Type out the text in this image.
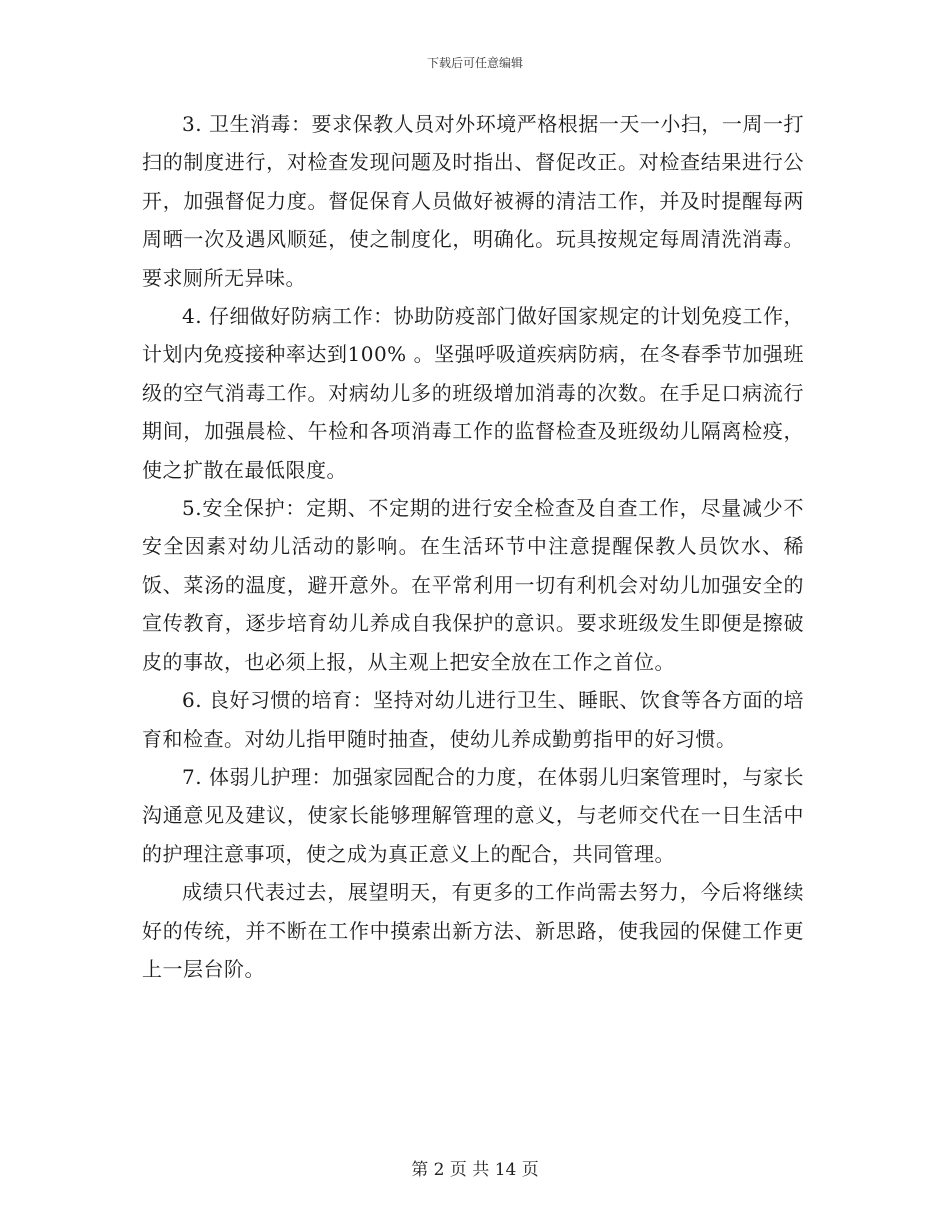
下载后可任意编辑

3. 卫生消毒：要求保教人员对外环境严格根据一天一小扫，一周一打扫的制度进行，对检查发现问题及时指出、督促改正。对检查结果进行公开，加强督促力度。督促保育人员做好被褥的清洁工作，并及时提醒每两周晒一次及遇风顺延，使之制度化，明确化。玩具按规定每周清洗消毒。要求厕所无异味。

4. 仔细做好防病工作：协助防疫部门做好国家规定的计划免疫工作，计划内免疫接种率达到100% 。坚强呼吸道疾病防病，在冬春季节加强班级的空气消毒工作。对病幼儿多的班级增加消毒的次数。在手足口病流行期间，加强晨检、午检和各项消毒工作的监督检查及班级幼儿隔离检疫，使之扩散在最低限度。

5.安全保护：定期、不定期的进行安全检查及自查工作，尽量减少不安全因素对幼儿活动的影响。在生活环节中注意提醒保教人员饮水、稀饭、菜汤的温度，避开意外。在平常利用一切有利机会对幼儿加强安全的宣传教育，逐步培育幼儿养成自我保护的意识。要求班级发生即便是擦破皮的事故，也必须上报，从主观上把安全放在工作之首位。

6. 良好习惯的培育：坚持对幼儿进行卫生、睡眠、饮食等各方面的培育和检查。对幼儿指甲随时抽查，使幼儿养成勤剪指甲的好习惯。

7. 体弱儿护理：加强家园配合的力度，在体弱儿归案管理时，与家长沟通意见及建议，使家长能够理解管理的意义，与老师交代在一日生活中的护理注意事项，使之成为真正意义上的配合，共同管理。

成绩只代表过去，展望明天，有更多的工作尚需去努力，今后将继续好的传统，并不断在工作中摸索出新方法、新思路，使我园的保健工作更上一层台阶。

第 2 页 共 14 页
